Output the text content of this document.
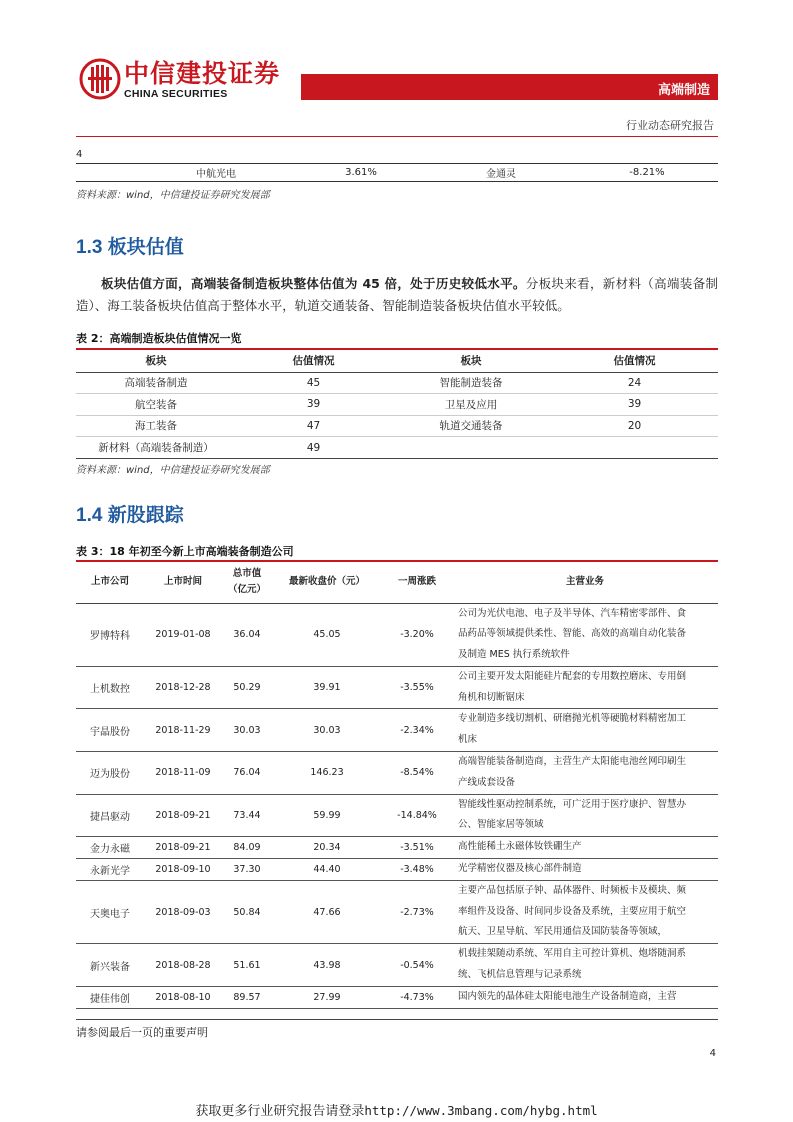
中信建投证券
CHINA SECURITIES	高端制造
行业动态研究报告
4				
	中航光电	3.61%	金通灵	-8.21%
资料来源：wind，中信建投证券研究发展部
1.3 板块估值
板块估值方面，高端装备制造板块整体估值为 45 倍，处于历史较低水平。分板块来看，新材料（高端装备制造）、海工装备板块估值高于整体水平，轨道交通装备、智能制造装备板块估值水平较低。
表 2：高端制造板块估值情况一览
板块	估值情况	板块	估值情况
高端装备制造	45	智能制造装备	24
航空装备	39	卫星及应用	39
海工装备	47	轨道交通装备	20
新材料（高端装备制造）	49		
资料来源：wind，中信建投证券研究发展部
1.4 新股跟踪
表 3：18 年初至今新上市高端装备制造公司
上市公司	上市时间	总市值
（亿元）	最新收盘价（元）	一周涨跌	主营业务
罗博特科	2019-01-08	36.04	45.05	-3.20%	公司为光伏电池、电子及半导体、汽车精密零部件、食
品药品等领域提供柔性、智能、高效的高端自动化装备
及制造 MES 执行系统软件

上机数控	2018-12-28	50.29	39.91	-3.55%	公司主要开发太阳能硅片配套的专用数控磨床、专用倒
角机和切断锯床

宇晶股份	2018-11-29	30.03	30.03	-2.34%	专业制造多线切割机、研磨抛光机等硬脆材料精密加工
机床

迈为股份	2018-11-09	76.04	146.23	-8.54%	高端智能装备制造商，主营生产太阳能电池丝网印刷生
产线成套设备

捷昌驱动	2018-09-21	73.44	59.99	-14.84%	智能线性驱动控制系统，可广泛用于医疗康护、智慧办
公、智能家居等领域

金力永磁	2018-09-21	84.09	20.34	-3.51%	高性能稀土永磁体钕铁硼生产

永新光学	2018-09-10	37.30	44.40	-3.48%	光学精密仪器及核心部件制造

天奥电子	2018-09-03	50.84	47.66	-2.73%	主要产品包括原子钟、晶体器件、时频板卡及模块、频
率组件及设备、时间同步设备及系统，主要应用于航空
航天、卫星导航、军民用通信及国防装备等领域，

新兴装备	2018-08-28	51.61	43.98	-0.54%	机载挂架随动系统、军用自主可控计算机、炮塔随洞系
统、飞机信息管理与记录系统

捷佳伟创	2018-08-10	89.57	27.99	-4.73%	国内领先的晶体硅太阳能电池生产设备制造商，主营
请参阅最后一页的重要声明
4
获取更多行业研究报告请登录http://www.3mbang.com/hybg.html
